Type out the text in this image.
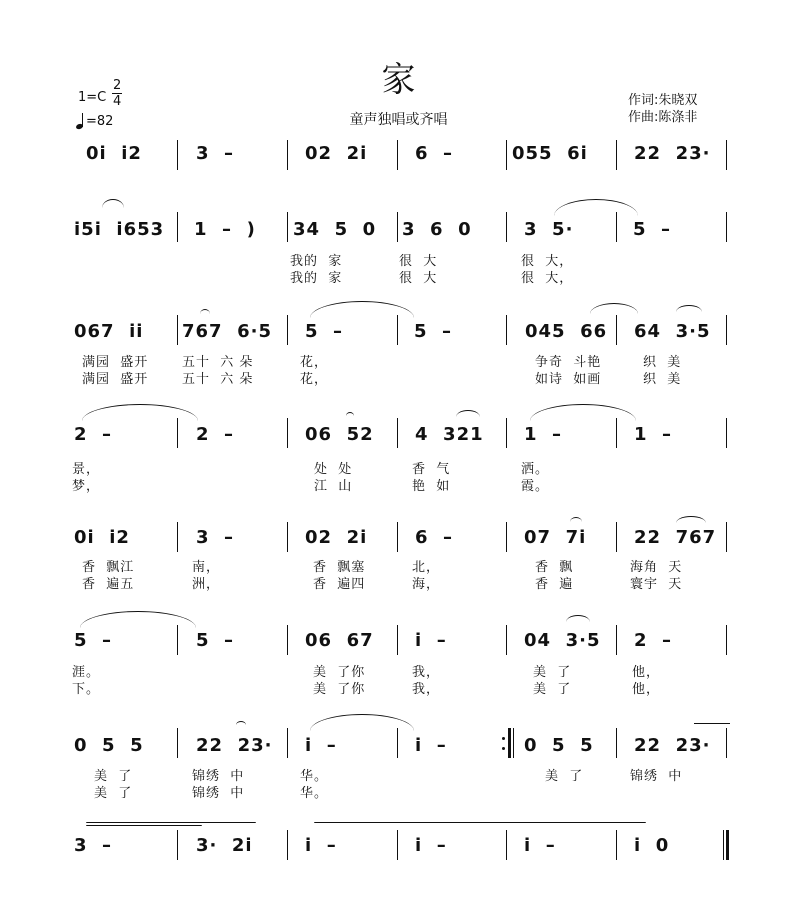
家
童声独唱或齐唱
$1=C \frac{2}{4}$
=82
作词:朱晓双
作曲:陈涤非
0i  i2	3  –	02  2i	6  –	055  6i	22  23·
i5i  i653 1  –  ) 34  5  0 3  6  0	3  5·	5  –
我的  家	很  大	很  大，
我的  家	很  大	很  大，
067  ii 767  6·5 5  –	5  –	045  66 64  3·5
满园  盛开	五十  六 朵	花，	争奇  斗艳	织  美
满园  盛开	五十  六 朵	花，	如诗  如画	织  美
2  –	2  –	06  52 4  321 1  –	1  –
景，	处  处	香  气	洒。
梦，	江  山	艳  如	霞。
0i  i2	3  –	02  2i	6  –	07  7i	22  767
香  飘江	南，	香  飘塞	北，	香  飘	海角  天
香  遍五	洲，	香  遍四	海，	香  遍	寰宇  天
5  –	5  –	06  67 i  –	04  3·5 2  –
涯。	美  了你	我，	美  了	他，
下。	美  了你	我，	美  了	他，
0  5  5	22  23· i  –	i  –	0  5  5 22  23·
美  了	锦绣  中	华。	美  了	锦绣  中
美  了	锦绣  中	华。
3  –	3·  2i	i  –	i  –	i  –	i  0
